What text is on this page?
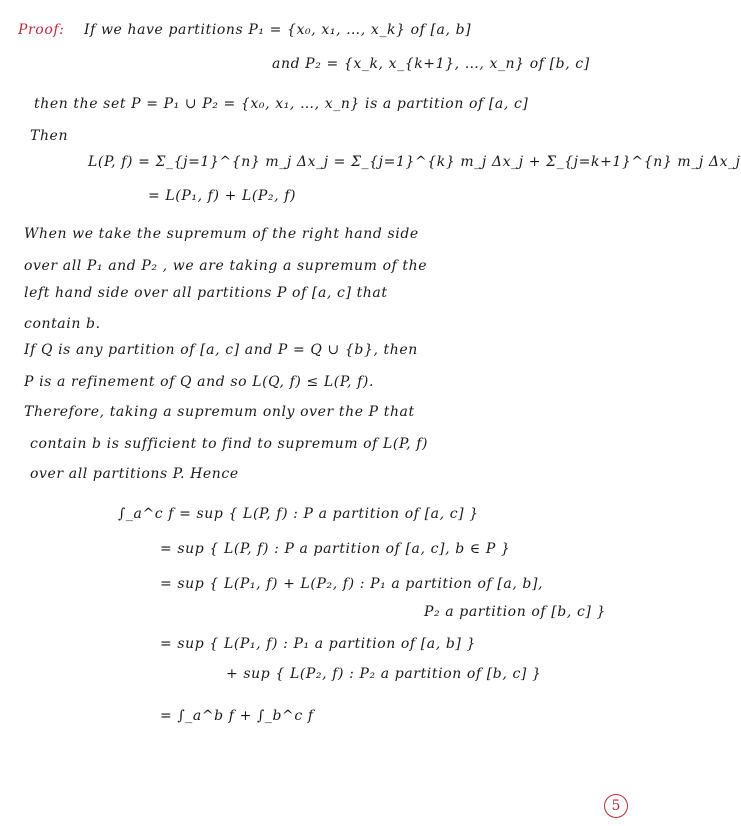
Proof: If we have partitions P₁ = {x₀, x₁, …, x_k} of [a, b]
and P₂ = {x_k, x_{k+1}, …, x_n} of [b, c]
then the set P = P₁ ∪ P₂ = {x₀, x₁, …, x_n} is a partition of [a, c]
Then
L(P, f) = Σ_{j=1}^{n} m_j Δx_j = Σ_{j=1}^{k} m_j Δx_j + Σ_{j=k+1}^{n} m_j Δx_j
= L(P₁, f) + L(P₂, f)
When we take the supremum of the right hand side
over all P₁ and P₂ , we are taking a supremum of the
left hand side over all partitions P of [a, c] that
contain b.
If Q is any partition of [a, c] and P = Q ∪ {b}, then
P is a refinement of Q and so L(Q, f) ≤ L(P, f).
Therefore, taking a supremum only over the P that
contain b is sufficient to find to supremum of L(P, f)
over all partitions P. Hence
∫_a^c f = sup { L(P, f) : P a partition of [a, c] }
= sup { L(P, f) : P a partition of [a, c], b ∈ P }
= sup { L(P₁, f) + L(P₂, f) : P₁ a partition of [a, b],
P₂ a partition of [b, c] }
= sup { L(P₁, f) : P₁ a partition of [a, b] }
+ sup { L(P₂, f) : P₂ a partition of [b, c] }
= ∫_a^b f + ∫_b^c f
5
